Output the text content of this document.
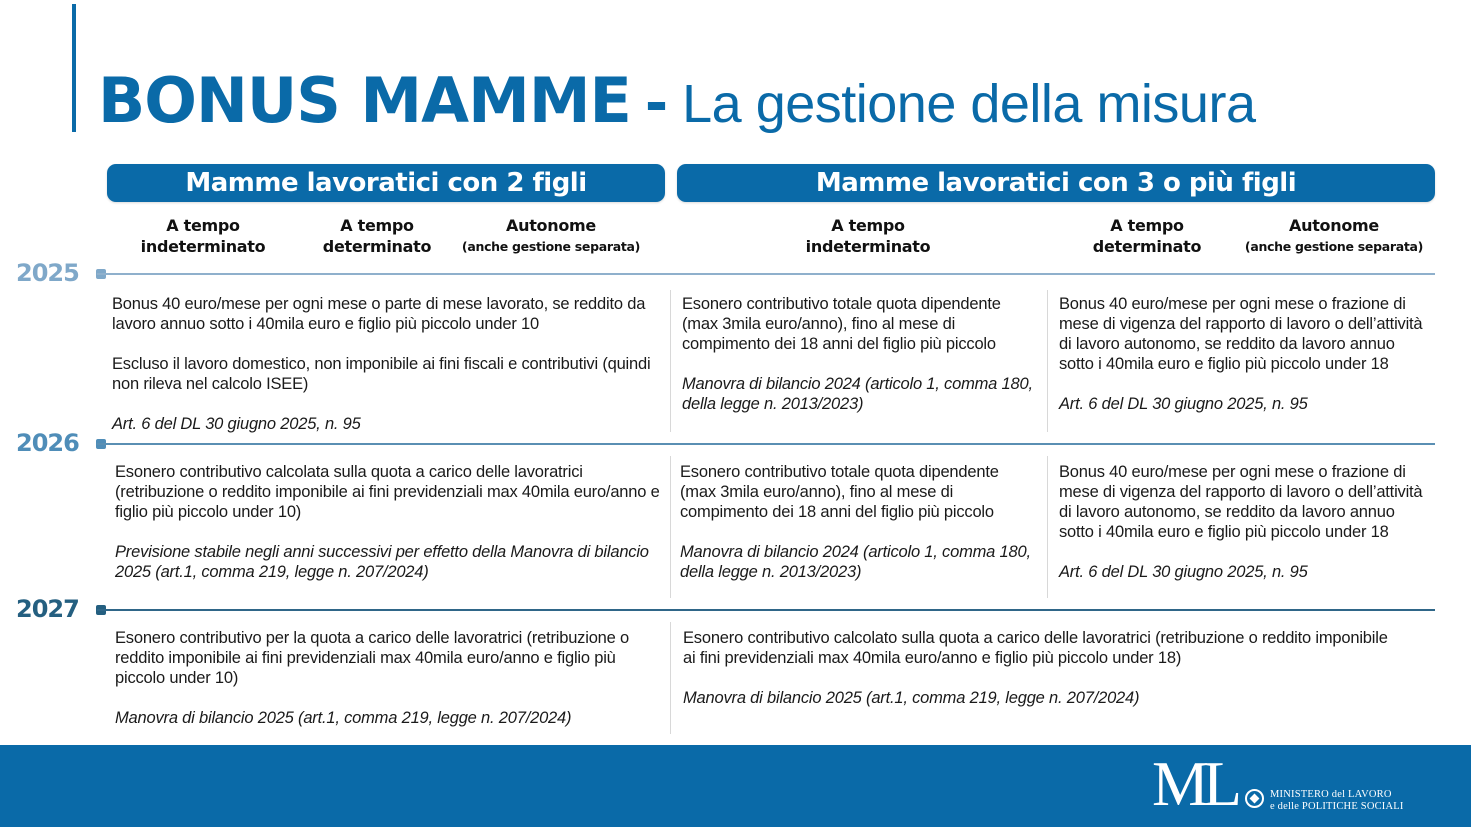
BONUS MAMME - La gestione della misura
Mamme lavoratici con 2 figli	Mamme lavoratici con 3 o più figli
A tempo
indeterminato
A tempo
determinato
Autonome
(anche gestione separata)
A tempo
indeterminato
A tempo
determinato
Autonome
(anche gestione separata)
2025

Bonus 40 euro/mese per ogni mese o parte di mese lavorato, se reddito da lavoro annuo sotto i 40mila euro e figlio più piccolo under 10

Escluso il lavoro domestico, non imponibile ai fini fiscali e contributivi (quindi non rileva nel calcolo ISEE)

Art. 6 del DL 30 giugno 2025, n. 95

Esonero contributivo totale quota dipendente (max 3mila euro/anno), fino al mese di compimento dei 18 anni del figlio più piccolo

Manovra di bilancio 2024 (articolo 1, comma 180, della legge n. 2013/2023)

Bonus 40 euro/mese per ogni mese o frazione di mese di vigenza del rapporto di lavoro o dell’attività di lavoro autonomo, se reddito da lavoro annuo sotto i 40mila euro e figlio più piccolo under 18

Art. 6 del DL 30 giugno 2025, n. 95

2026

Esonero contributivo calcolata sulla quota a carico delle lavoratrici (retribuzione o reddito imponibile ai fini previdenziali max 40mila euro/anno e figlio più piccolo under 10)

Previsione stabile negli anni successivi per effetto della Manovra di bilancio 2025 (art.1, comma 219, legge n. 207/2024)

Esonero contributivo totale quota dipendente (max 3mila euro/anno), fino al mese di compimento dei 18 anni del figlio più piccolo

Manovra di bilancio 2024 (articolo 1, comma 180, della legge n. 2013/2023)

Bonus 40 euro/mese per ogni mese o frazione di mese di vigenza del rapporto di lavoro o dell’attività di lavoro autonomo, se reddito da lavoro annuo sotto i 40mila euro e figlio più piccolo under 18

Art. 6 del DL 30 giugno 2025, n. 95

2027

Esonero contributivo per la quota a carico delle lavoratrici (retribuzione o reddito imponibile ai fini previdenziali max 40mila euro/anno e figlio più piccolo under 10)

Manovra di bilancio 2025 (art.1, comma 219, legge n. 207/2024)

Esonero contributivo calcolato sulla quota a carico delle lavoratrici (retribuzione o reddito imponibile ai fini previdenziali max 40mila euro/anno e figlio più piccolo under 18)

Manovra di bilancio 2025 (art.1, comma 219, legge n. 207/2024)

ML	MINISTERO del LAVORO
e delle POLITICHE SOCIALI
